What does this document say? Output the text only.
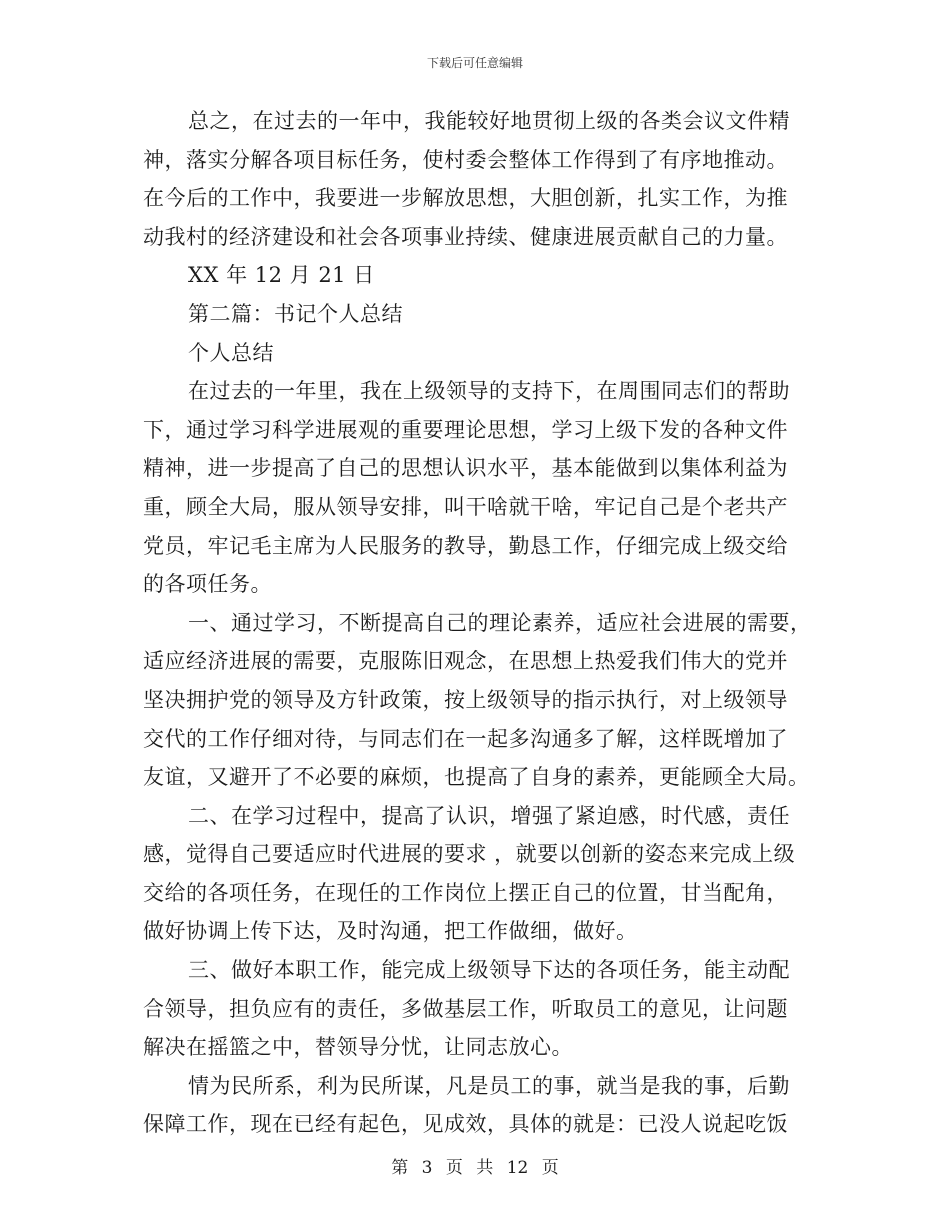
下载后可任意编辑
总之，在过去的一年中，我能较好地贯彻上级的各类会议文件精
神，落实分解各项目标任务，使村委会整体工作得到了有序地推动。
在今后的工作中，我要进一步解放思想，大胆创新，扎实工作，为推
动我村的经济建设和社会各项事业持续、健康进展贡献自己的力量。
XX 年 12 月 21 日
第二篇：书记个人总结
个人总结
在过去的一年里，我在上级领导的支持下，在周围同志们的帮助
下，通过学习科学进展观的重要理论思想，学习上级下发的各种文件
精神，进一步提高了自己的思想认识水平，基本能做到以集体利益为
重，顾全大局，服从领导安排，叫干啥就干啥，牢记自己是个老共产
党员，牢记毛主席为人民服务的教导，勤恳工作，仔细完成上级交给
的各项任务。
一、通过学习，不断提高自己的理论素养，适应社会进展的需要，
适应经济进展的需要，克服陈旧观念，在思想上热爱我们伟大的党并
坚决拥护党的领导及方针政策，按上级领导的指示执行，对上级领导
交代的工作仔细对待，与同志们在一起多沟通多了解，这样既增加了
友谊，又避开了不必要的麻烦，也提高了自身的素养，更能顾全大局。
二、在学习过程中，提高了认识，增强了紧迫感，时代感，责任
感，觉得自己要适应时代进展的要求 ，就要以创新的姿态来完成上级
交给的各项任务，在现任的工作岗位上摆正自己的位置，甘当配角，
做好协调上传下达，及时沟通，把工作做细，做好。
三、做好本职工作，能完成上级领导下达的各项任务，能主动配
合领导，担负应有的责任，多做基层工作，听取员工的意见，让问题
解决在摇篮之中，替领导分忧，让同志放心。
情为民所系，利为民所谋，凡是员工的事，就当是我的事，后勤
保障工作，现在已经有起色，见成效，具体的就是：已没人说起吃饭
第 3 页 共 12 页
